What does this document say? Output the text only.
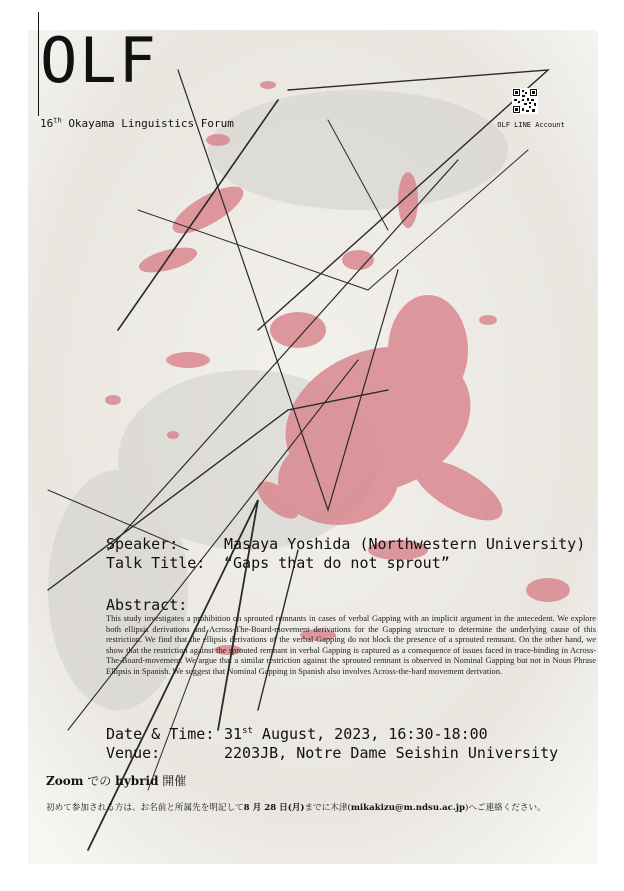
OLF
16th Okayama Linguistics Forum	OLF LINE Account
Speaker:	Masaya Yoshida (Northwestern University)
Talk Title: “Gaps that do not sprout”
Abstract:
This study investigates a prohibition on sprouted remnants in cases of verbal Gapping with an implicit argument in the antecedent. We explore both ellipsis derivations and Across-The-Board-movement derivations for the Gapping structure to determine the underlying cause of this restriction. We find that the ellipsis derivations of the verbal Gapping do not block the presence of a sprouted remnant. On the other hand, we show that the restriction against the sprouted remnant in verbal Gapping is captured as a consequence of issues faced in trace-binding in Across-The-Board-movement. We argue that a similar restriction against the sprouted remnant is observed in Nominal Gapping but not in Noun Phrase Ellipsis in Spanish. We suggest that Nominal Gapping in Spanish also involves Across-the-bard movement derivation.
Date & Time: 31st August, 2023, 16:30-18:00
Venue:	2203JB, Notre Dame Seishin University
Zoom での hybrid 開催
初めて参加される方は、お名前と所属先を明記して8 月 28 日(月)までに木津(mikakizu@m.ndsu.ac.jp)へご連絡ください。
